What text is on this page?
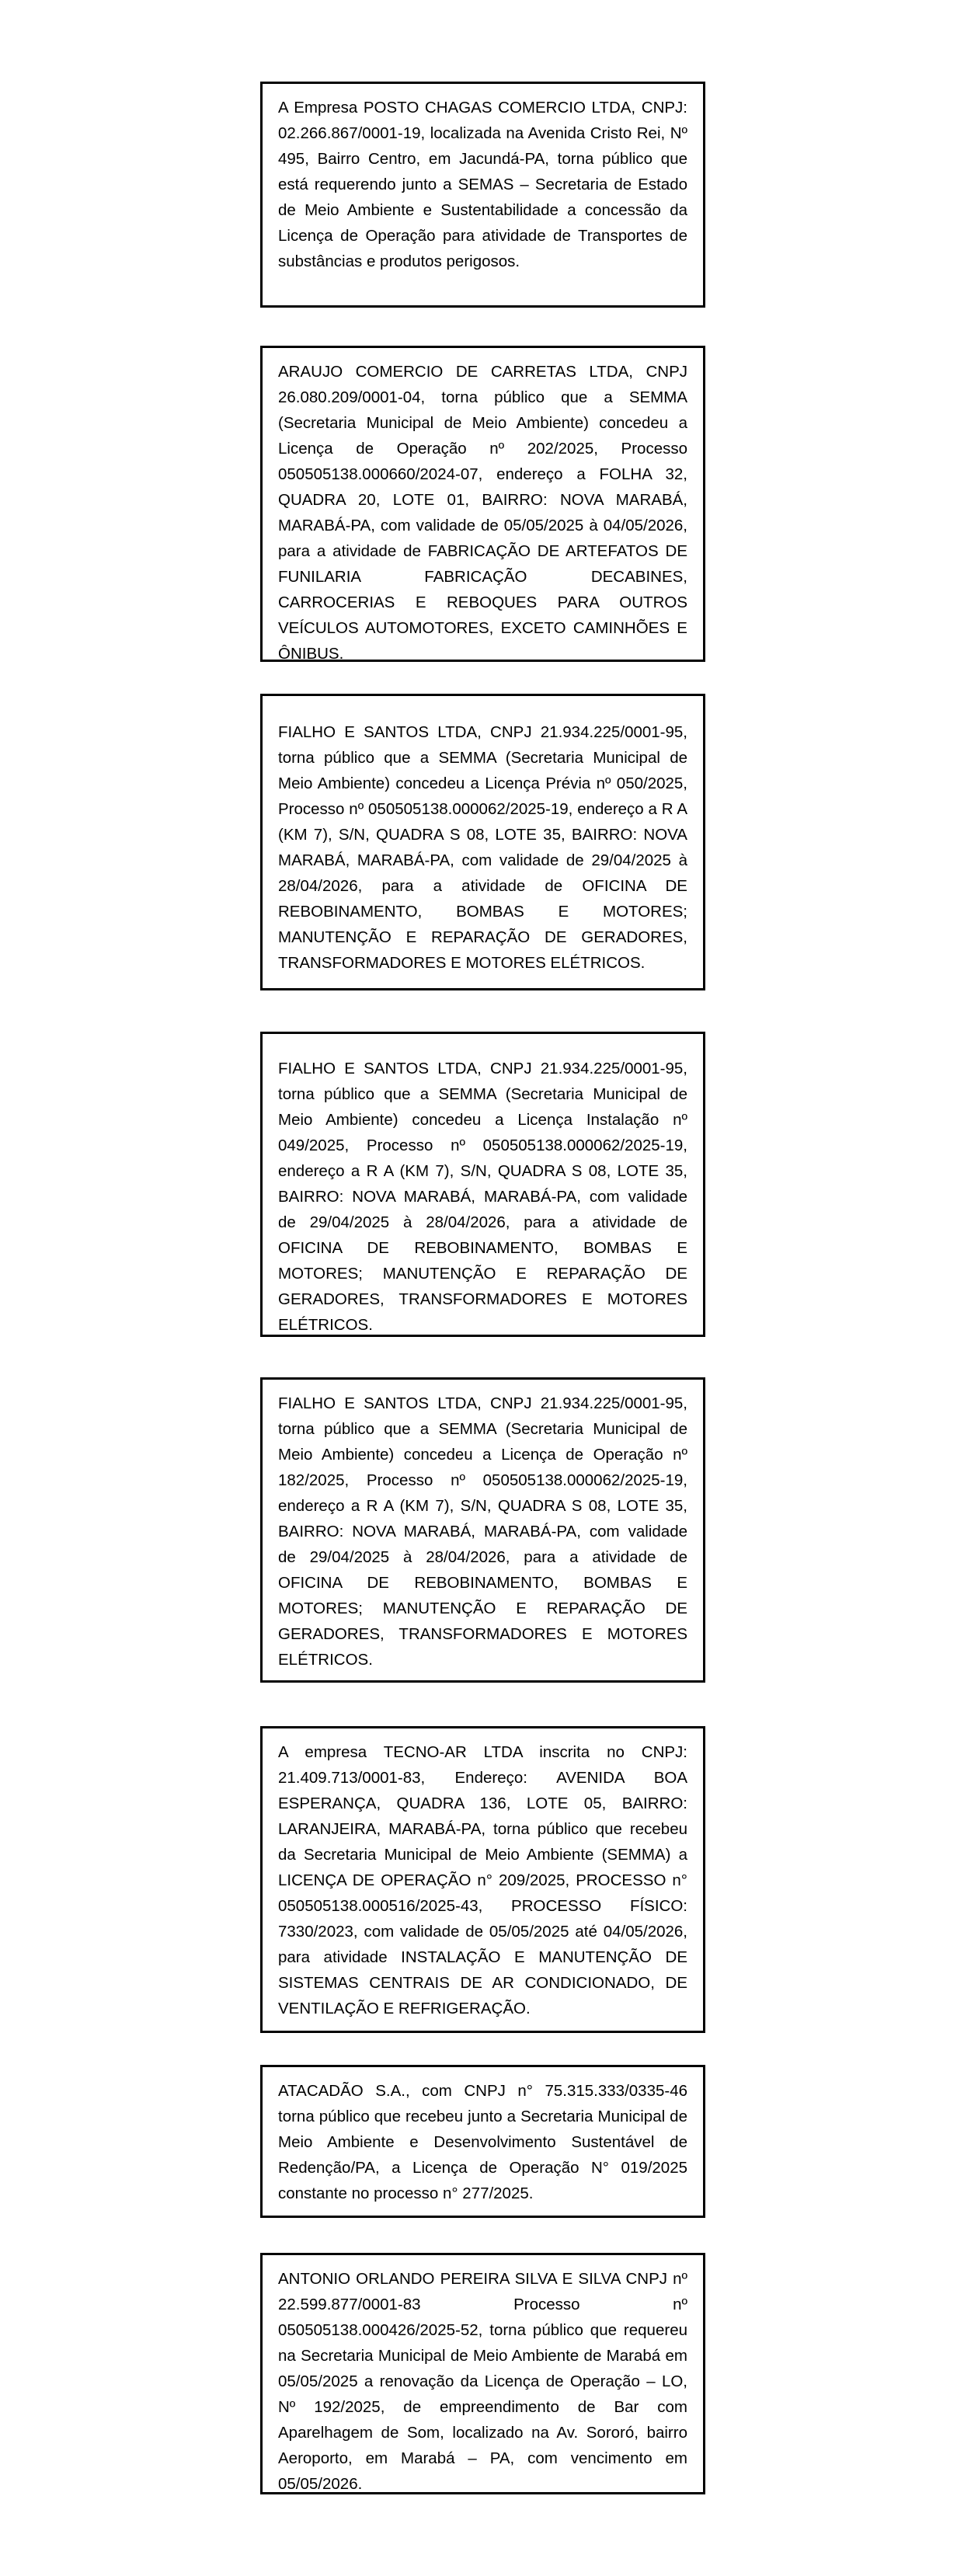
A Empresa POSTO CHAGAS COMERCIO LTDA, CNPJ: 02.266.867/0001-19, localizada na Avenida Cristo Rei, Nº 495, Bairro Centro, em Jacundá-PA, torna público que está requerendo junto a SEMAS – Secretaria de Estado de Meio Ambiente e Sustentabilidade a concessão da Licença de Operação para atividade de Transportes de substâncias e produtos perigosos.

ARAUJO COMERCIO DE CARRETAS LTDA, CNPJ 26.080.209/0001-04, torna público que a SEMMA (Secretaria Municipal de Meio Ambiente) concedeu a Licença de Operação nº 202/2025, Processo 050505138.000660/2024-07, endereço a FOLHA 32, QUADRA 20, LOTE 01, BAIRRO: NOVA MARABÁ, MARABÁ-PA, com validade de 05/05/2025 à 04/05/2026, para a atividade de FABRICAÇÃO DE ARTEFATOS DE FUNILARIA FABRICAÇÃO DECABINES, CARROCERIAS E REBOQUES PARA OUTROS VEÍCULOS AUTOMOTORES, EXCETO CAMINHÕES E ÔNIBUS.

FIALHO E SANTOS LTDA, CNPJ 21.934.225/0001-95, torna público que a SEMMA (Secretaria Municipal de Meio Ambiente) concedeu a Licença Prévia nº 050/2025, Processo nº 050505138.000062/2025-19, endereço a R A (KM 7), S/N, QUADRA S 08, LOTE 35, BAIRRO: NOVA MARABÁ, MARABÁ-PA, com validade de 29/04/2025 à 28/04/2026, para a atividade de OFICINA DE REBOBINAMENTO, BOMBAS E MOTORES; MANUTENÇÃO E REPARAÇÃO DE GERADORES, TRANSFORMADORES E MOTORES ELÉTRICOS.

FIALHO E SANTOS LTDA, CNPJ 21.934.225/0001-95, torna público que a SEMMA (Secretaria Municipal de Meio Ambiente) concedeu a Licença Instalação nº 049/2025, Processo nº 050505138.000062/2025-19, endereço a R A (KM 7), S/N, QUADRA S 08, LOTE 35, BAIRRO: NOVA MARABÁ, MARABÁ-PA, com validade de 29/04/2025 à 28/04/2026, para a atividade de OFICINA DE REBOBINAMENTO, BOMBAS E MOTORES; MANUTENÇÃO E REPARAÇÃO DE GERADORES, TRANSFORMADORES E MOTORES ELÉTRICOS.

FIALHO E SANTOS LTDA, CNPJ 21.934.225/0001-95, torna público que a SEMMA (Secretaria Municipal de Meio Ambiente) concedeu a Licença de Operação nº 182/2025, Processo nº 050505138.000062/2025-19, endereço a R A (KM 7), S/N, QUADRA S 08, LOTE 35, BAIRRO: NOVA MARABÁ, MARABÁ-PA, com validade de 29/04/2025 à 28/04/2026, para a atividade de OFICINA DE REBOBINAMENTO, BOMBAS E MOTORES; MANUTENÇÃO E REPARAÇÃO DE GERADORES, TRANSFORMADORES E MOTORES ELÉTRICOS.

A empresa TECNO-AR LTDA inscrita no CNPJ: 21.409.713/0001-83, Endereço: AVENIDA BOA ESPERANÇA, QUADRA 136, LOTE 05, BAIRRO: LARANJEIRA, MARABÁ-PA, torna público que recebeu da Secretaria Municipal de Meio Ambiente (SEMMA) a LICENÇA DE OPERAÇÃO n° 209/2025, PROCESSO n° 050505138.000516/2025-43, PROCESSO FÍSICO: 7330/2023, com validade de 05/05/2025 até 04/05/2026, para atividade INSTALAÇÃO E MANUTENÇÃO DE SISTEMAS CENTRAIS DE AR CONDICIONADO, DE VENTILAÇÃO E REFRIGERAÇÃO.

ATACADÃO S.A., com CNPJ n° 75.315.333/0335-46 torna público que recebeu junto a Secretaria Municipal de Meio Ambiente e Desenvolvimento Sustentável de Redenção/PA, a Licença de Operação N° 019/2025 constante no processo n° 277/2025.

ANTONIO ORLANDO PEREIRA SILVA E SILVA CNPJ nº 22.599.877/0001-83 Processo nº 050505138.000426/2025-52, torna público que requereu na Secretaria Municipal de Meio Ambiente de Marabá em 05/05/2025 a renovação da Licença de Operação – LO, Nº 192/2025, de empreendimento de Bar com Aparelhagem de Som, localizado na Av. Sororó, bairro Aeroporto, em Marabá – PA, com vencimento em 05/05/2026.
